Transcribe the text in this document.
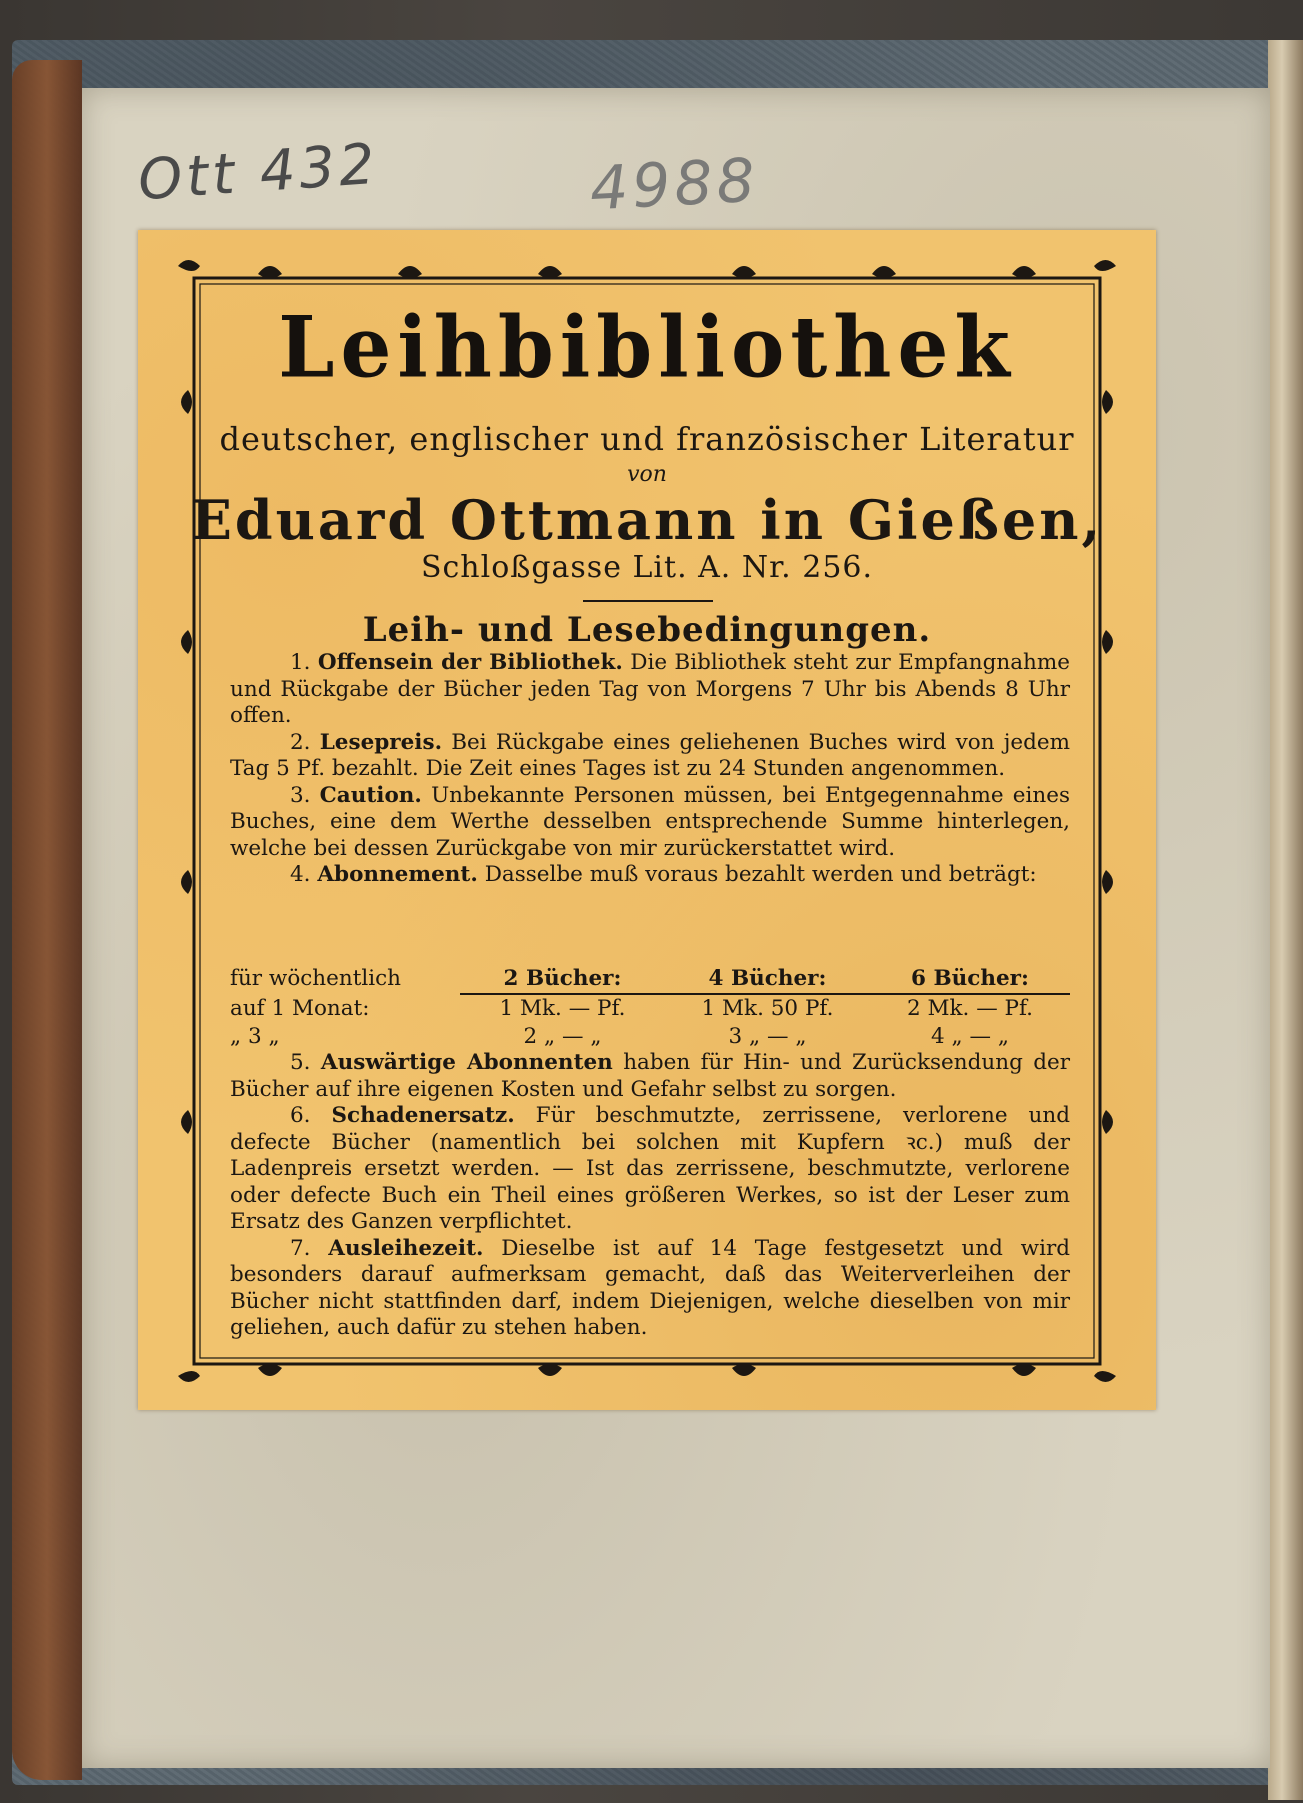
Ott 432	4988
Leihbibliothek
deutscher, englischer und französischer Literatur
von
Eduard Ottmann in Gießen,
Schloßgasse Lit. A. Nr. 256.
Leih- und Lesebedingungen.

1. Offensein der Bibliothek. Die Bibliothek steht zur Empfangnahme und Rückgabe der Bücher jeden Tag von Morgens 7 Uhr bis Abends 8 Uhr offen.

2. Lesepreis. Bei Rückgabe eines geliehenen Buches wird von jedem Tag 5 Pf. bezahlt. Die Zeit eines Tages ist zu 24 Stunden angenommen.

3. Caution. Unbekannte Personen müssen, bei Entgegennahme eines Buches, eine dem Werthe desselben entsprechende Summe hinterlegen, welche bei dessen Zurückgabe von mir zurückerstattet wird.

4. Abonnement. Dasselbe muß voraus bezahlt werden und beträgt:

für wöchentlich	2 Bücher:	4 Bücher:	6 Bücher:
auf 1 Monat:	1 Mk. — Pf.	1 Mk. 50 Pf.	2 Mk. — Pf.
„ 3 „	2 „ — „	3 „ — „	4 „ — „

5. Auswärtige Abonnenten haben für Hin- und Zurücksendung der Bücher auf ihre eigenen Kosten und Gefahr selbst zu sorgen.

6. Schadenersatz. Für beschmutzte, zerrissene, verlorene und defecte Bücher (namentlich bei solchen mit Kupfern ꝛc.) muß der Ladenpreis ersetzt werden. — Ist das zerrissene, beschmutzte, verlorene oder defecte Buch ein Theil eines größeren Werkes, so ist der Leser zum Ersatz des Ganzen verpflichtet.

7. Ausleihezeit. Dieselbe ist auf 14 Tage festgesetzt und wird besonders darauf aufmerksam gemacht, daß das Weiterverleihen der Bücher nicht stattfinden darf, indem Diejenigen, welche dieselben von mir geliehen, auch dafür zu stehen haben.
